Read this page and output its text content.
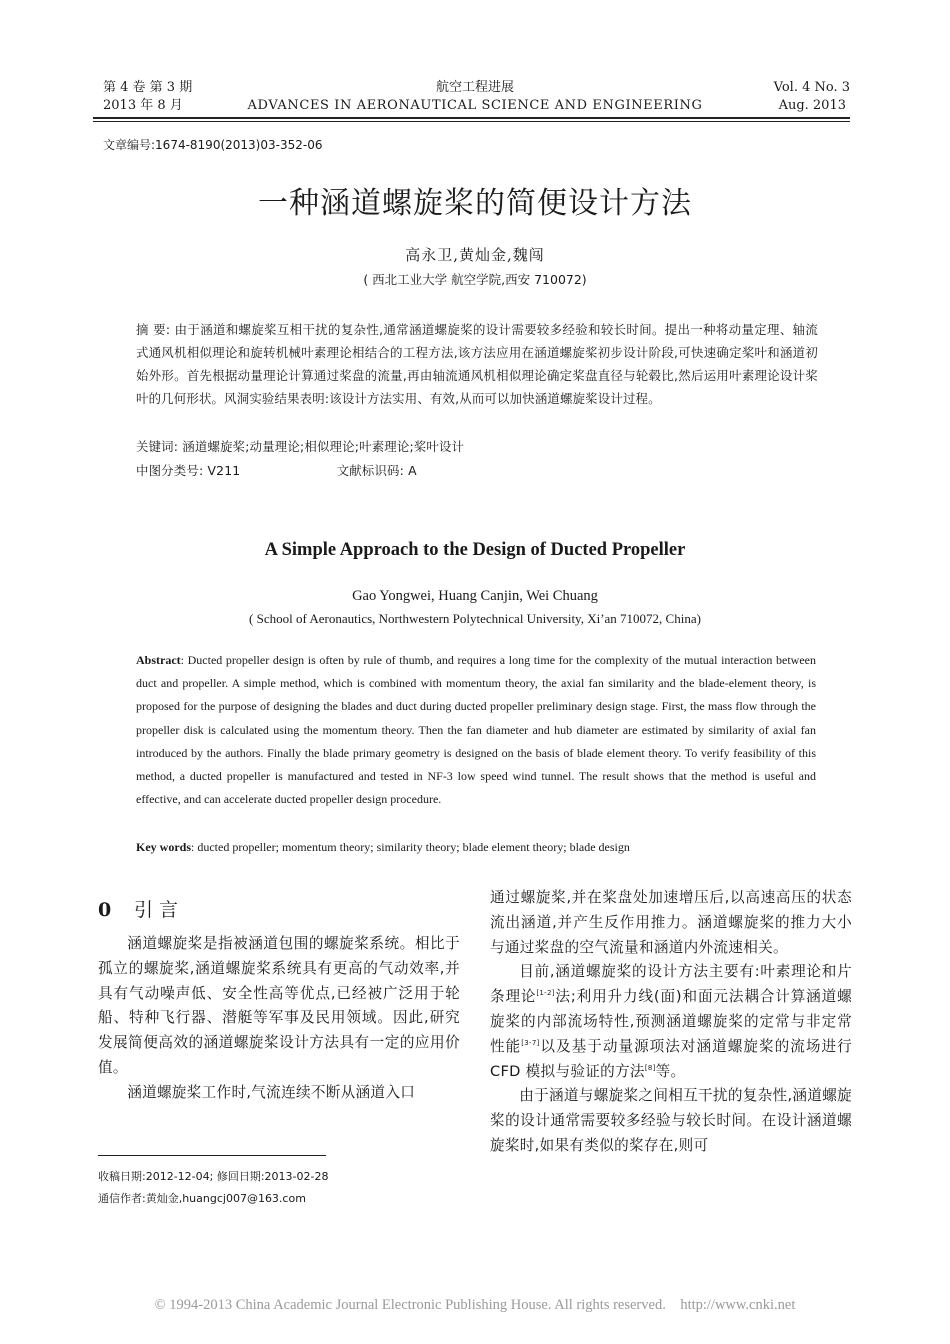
第 4 卷 第 3 期
2013 年 8 月
航空工程进展
ADVANCES IN AERONAUTICAL SCIENCE AND ENGINEERING
Vol. 4 No. 3
Aug. 2013
文章编号:1674-8190(2013)03-352-06
一种涵道螺旋桨的简便设计方法
高永卫,黄灿金,魏闯
( 西北工业大学 航空学院,西安 710072)
摘 要: 由于涵道和螺旋桨互相干扰的复杂性,通常涵道螺旋桨的设计需要较多经验和较长时间。提出一种将动量定理、轴流式通风机相似理论和旋转机械叶素理论相结合的工程方法,该方法应用在涵道螺旋桨初步设计阶段,可快速确定桨叶和涵道初始外形。首先根据动量理论计算通过桨盘的流量,再由轴流通风机相似理论确定桨盘直径与轮毂比,然后运用叶素理论设计桨叶的几何形状。风洞实验结果表明:该设计方法实用、有效,从而可以加快涵道螺旋桨设计过程。
关键词: 涵道螺旋桨;动量理论;相似理论;叶素理论;桨叶设计
中图分类号: V211	文献标识码: A
A Simple Approach to the Design of Ducted Propeller
Gao Yongwei, Huang Canjin, Wei Chuang
( School of Aeronautics, Northwestern Polytechnical University, Xi’an 710072, China)
Abstract: Ducted propeller design is often by rule of thumb, and requires a long time for the complexity of the mutual interaction between duct and propeller. A simple method, which is combined with momentum theory, the axial fan similarity and the blade-element theory, is proposed for the purpose of designing the blades and duct during ducted propeller preliminary design stage. First, the mass flow through the propeller disk is calculated using the momentum theory. Then the fan diameter and hub diameter are estimated by similarity of axial fan introduced by the authors. Finally the blade primary geometry is designed on the basis of blade element theory. To verify feasibility of this method, a ducted propeller is manufactured and tested in NF-3 low speed wind tunnel. The result shows that the method is useful and effective, and can accelerate ducted propeller design procedure.
Key words: ducted propeller; momentum theory; similarity theory; blade element theory; blade design
0 引 言

涵道螺旋桨是指被涵道包围的螺旋桨系统。相比于孤立的螺旋桨,涵道螺旋桨系统具有更高的气动效率,并具有气动噪声低、安全性高等优点,已经被广泛用于轮船、特种飞行器、潜艇等军事及民用领域。因此,研究发展简便高效的涵道螺旋桨设计方法具有一定的应用价值。

涵道螺旋桨工作时,气流连续不断从涵道入口

收稿日期:2012-12-04; 修回日期:2013-02-28
通信作者:黄灿金,huangcj007@163.com

通过螺旋桨,并在桨盘处加速增压后,以高速高压的状态流出涵道,并产生反作用推力。涵道螺旋桨的推力大小与通过桨盘的空气流量和涵道内外流速相关。

目前,涵道螺旋桨的设计方法主要有:叶素理论和片条理论[1-2]法;利用升力线(面)和面元法耦合计算涵道螺旋桨的内部流场特性,预测涵道螺旋桨的定常与非定常性能[3-7]以及基于动量源项法对涵道螺旋桨的流场进行 CFD 模拟与验证的方法[8]等。

由于涵道与螺旋桨之间相互干扰的复杂性,涵道螺旋桨的设计通常需要较多经验与较长时间。在设计涵道螺旋桨时,如果有类似的桨存在,则可

© 1994-2013 China Academic Journal Electronic Publishing House. All rights reserved.    http://www.cnki.net
